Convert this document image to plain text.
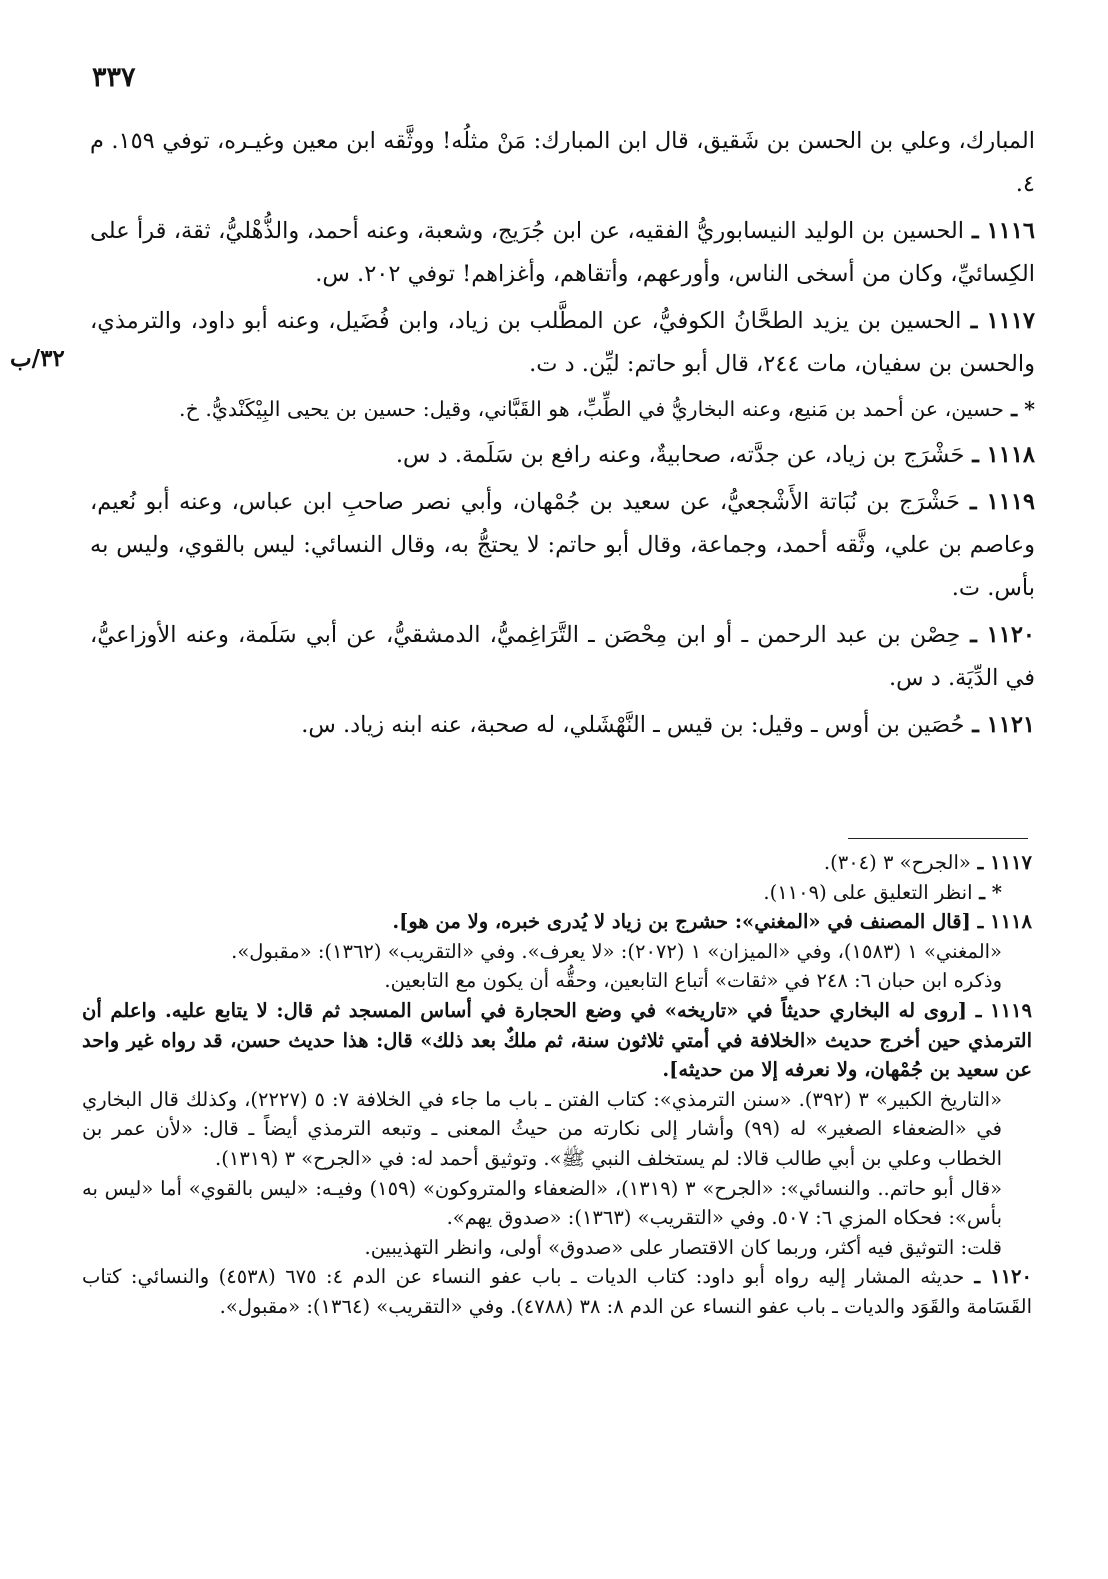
٣٣٧
٣٢/ب

المبارك، وعلي بن الحسن بن شَقيق، قال ابن المبارك: مَنْ مثلُه! ووثَّقه ابن معين وغيـره، توفي ١٥٩. م ٤.

١١١٦ ـ الحسين بن الوليد النيسابوريُّ الفقيه، عن ابن جُرَيج، وشعبة، وعنه أحمد، والذُّهْليُّ، ثقة، قرأ على الكِسائيِّ، وكان من أسخى الناس، وأورعهم، وأتقاهم، وأغزاهم! توفي ٢٠٢. س.

١١١٧ ـ الحسين بن يزيد الطحَّانُ الكوفيُّ، عن المطَّلب بن زياد، وابن فُضَيل، وعنه أبو داود، والترمذي، والحسن بن سفيان، مات ٢٤٤، قال أبو حاتم: ليِّن. د ت.

* ـ حسين، عن أحمد بن مَنيع، وعنه البخاريُّ في الطِّبِّ، هو القَبَّاني، وقيل: حسين بن يحيى البِيْكَنْديُّ. خ.

١١١٨ ـ حَشْرَج بن زياد، عن جدَّته، صحابيةٌ، وعنه رافع بن سَلَمة. د س.

١١١٩ ـ حَشْرَج بن نُبَاتة الأَشْجعيُّ، عن سعيد بن جُمْهان، وأبي نصر صاحبِ ابن عباس، وعنه أبو نُعيم، وعاصم بن علي، وثَّقه أحمد، وجماعة، وقال أبو حاتم: لا يحتجُّ به، وقال النسائي: ليس بالقوي، وليس به بأس. ت.

١١٢٠ ـ حِصْن بن عبد الرحمن ـ أو ابن مِحْصَن ـ التَّرَاغِميُّ، الدمشقيُّ، عن أبي سَلَمة، وعنه الأوزاعيُّ، في الدِّيَة. د س.

١١٢١ ـ حُصَين بن أوس ـ وقيل: بن قيس ـ النَّهْشَلي، له صحبة، عنه ابنه زياد. س.

١١١٧ ـ «الجرح» ٣ (٣٠٤).

* ـ انظر التعليق على (١١٠٩).

١١١٨ ـ [قال المصنف في «المغني»: حشرج بن زياد لا يُدرى خبره، ولا من هو].

«المغني» ١ (١٥٨٣)، وفي «الميزان» ١ (٢٠٧٢): «لا يعرف». وفي «التقريب» (١٣٦٢): «مقبول».

وذكره ابن حبان ٦: ٢٤٨ في «ثقات» أتباع التابعين، وحقُّه أن يكون مع التابعين.

١١١٩ ـ [روى له البخاري حديثاً في «تاريخه» في وضع الحجارة في أساس المسجد ثم قال: لا يتابع عليه. واعلم أن الترمذي حين أخرج حديث «الخلافة في أمتي ثلاثون سنة، ثم ملكٌ بعد ذلك» قال: هذا حديث حسن، قد رواه غير واحد عن سعيد بن جُمْهان، ولا نعرفه إلا من حديثه].

«التاريخ الكبير» ٣ (٣٩٢). «سنن الترمذي»: كتاب الفتن ـ باب ما جاء في الخلافة ٧: ٥ (٢٢٢٧)، وكذلك قال البخاري في «الضعفاء الصغير» له (٩٩) وأشار إلى نكارته من حيثُ المعنى ـ وتبعه الترمذي أيضاً ـ قال: «لأن عمر بن الخطاب وعلي بن أبي طالب قالا: لم يستخلف النبي ﷺ». وتوثيق أحمد له: في «الجرح» ٣ (١٣١٩).

«قال أبو حاتم.. والنسائي»: «الجرح» ٣ (١٣١٩)، «الضعفاء والمتروكون» (١٥٩) وفيـه: «ليس بالقوي» أما «ليس به بأس»: فحكاه المزي ٦: ٥٠٧. وفي «التقريب» (١٣٦٣): «صدوق يهم».

قلت: التوثيق فيه أكثر، وربما كان الاقتصار على «صدوق» أولى، وانظر التهذيبين.

١١٢٠ ـ حديثه المشار إليه رواه أبو داود: كتاب الديات ـ باب عفو النساء عن الدم ٤: ٦٧٥ (٤٥٣٨) والنسائي: كتاب القَسَامة والقَوَد والديات ـ باب عفو النساء عن الدم ٨: ٣٨ (٤٧٨٨). وفي «التقريب» (١٣٦٤): «مقبول».
